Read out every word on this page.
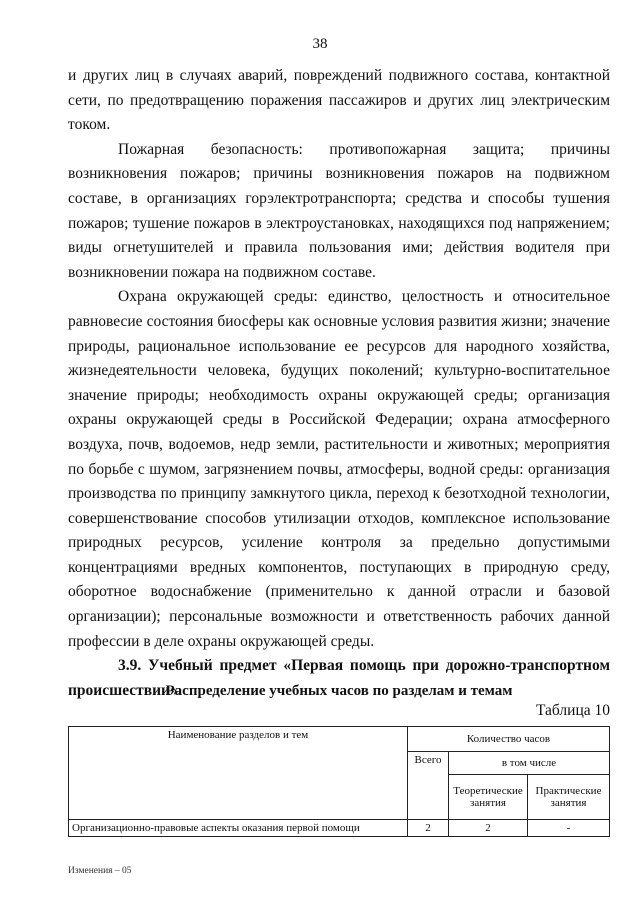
38

и других лиц в случаях аварий, повреждений подвижного состава, контактной сети, по предотвращению поражения пассажиров и других лиц электрическим током.

Пожарная безопасность: противопожарная защита; причины возникновения пожаров; причины возникновения пожаров на подвижном составе, в организациях горэлектротранспорта; средства и способы тушения пожаров; тушение пожаров в электроустановках, находящихся под напряжением; виды огнетушителей и правила пользования ими; действия водителя при возникновении пожара на подвижном составе.

Охрана окружающей среды: единство, целостность и относительное равновесие состояния биосферы как основные условия развития жизни; значение природы, рациональное использование ее ресурсов для народного хозяйства, жизнедеятельности человека, будущих поколений; культурно-воспитательное значение природы; необходимость охраны окружающей среды; организация охраны окружающей среды в Российской Федерации; охрана атмосферного воздуха, почв, водоемов, недр земли, растительности и животных; мероприятия по борьбе с шумом, загрязнением почвы, атмосферы, водной среды: организация производства по принципу замкнутого цикла, переход к безотходной технологии, совершенствование способов утилизации отходов, комплексное использование природных ресурсов, усиление контроля за предельно допустимыми концентрациями вредных компонентов, поступающих в природную среду, оборотное водоснабжение (применительно к данной отрасли и базовой организации); персональные возможности и ответственность рабочих данной профессии в деле охраны окружающей среды.

3.9. Учебный предмет «Первая помощь при дорожно-транспортном происшествии».

Распределение учебных часов по разделам и темам
Таблица 10
Наименование разделов и тем	Количество часов		
	Всего	в том числе	
		Теоретические занятия	Практические занятия
Организационно-правовые аспекты оказания первой помощи	2	2	-
Изменения – 05
